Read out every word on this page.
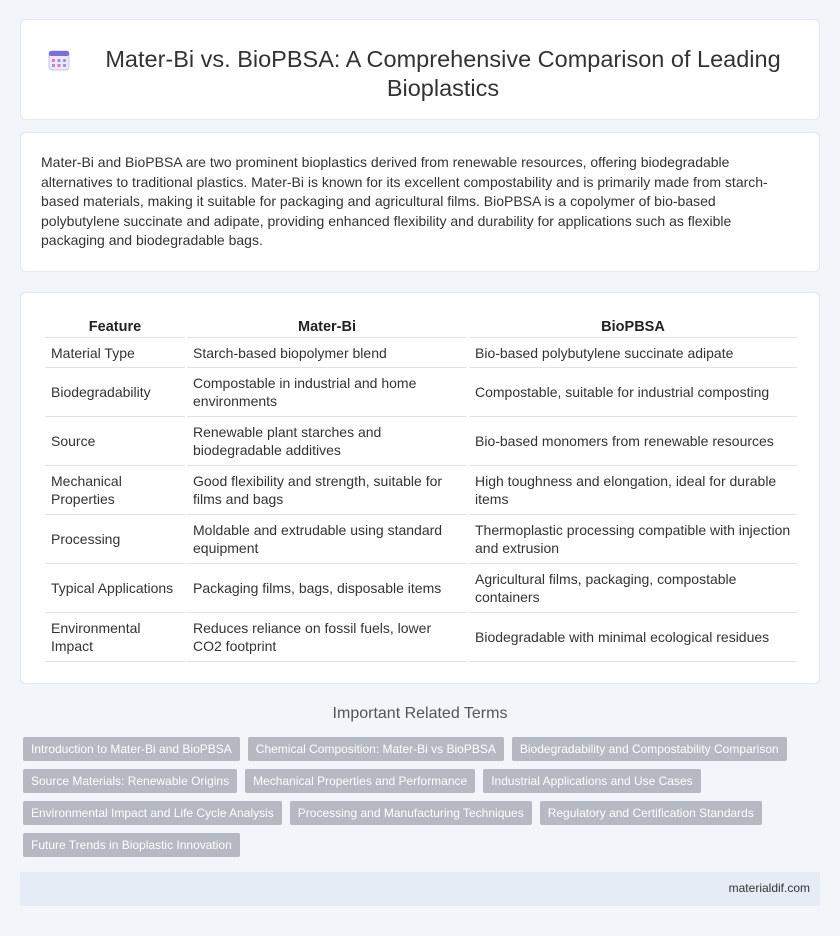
Mater-Bi vs. BioPBSA: A Comprehensive Comparison of Leading Bioplastics

Mater-Bi and BioPBSA are two prominent bioplastics derived from renewable resources, offering biodegradable alternatives to traditional plastics. Mater-Bi is known for its excellent compostability and is primarily made from starch-based materials, making it suitable for packaging and agricultural films. BioPBSA is a copolymer of bio-based polybutylene succinate and adipate, providing enhanced flexibility and durability for applications such as flexible packaging and biodegradable bags.

Feature	Mater-Bi	BioPBSA
Material Type	Starch-based biopolymer blend	Bio-based polybutylene succinate adipate
Biodegradability	Compostable in industrial and home environments	Compostable, suitable for industrial composting
Source	Renewable plant starches and biodegradable additives	Bio-based monomers from renewable resources
Mechanical Properties	Good flexibility and strength, suitable for films and bags	High toughness and elongation, ideal for durable items
Processing	Moldable and extrudable using standard equipment	Thermoplastic processing compatible with injection and extrusion
Typical Applications	Packaging films, bags, disposable items	Agricultural films, packaging, compostable containers
Environmental Impact	Reduces reliance on fossil fuels, lower CO2 footprint	Biodegradable with minimal ecological residues
Important Related Terms
Introduction to Mater-Bi and BioPBSA	Chemical Composition: Mater-Bi vs BioPBSA	Biodegradability and Compostability Comparison
Source Materials: Renewable Origins	Mechanical Properties and Performance	Industrial Applications and Use Cases
Environmental Impact and Life Cycle Analysis	Processing and Manufacturing Techniques	Regulatory and Certification Standards
Future Trends in Bioplastic Innovation
materialdif.com
